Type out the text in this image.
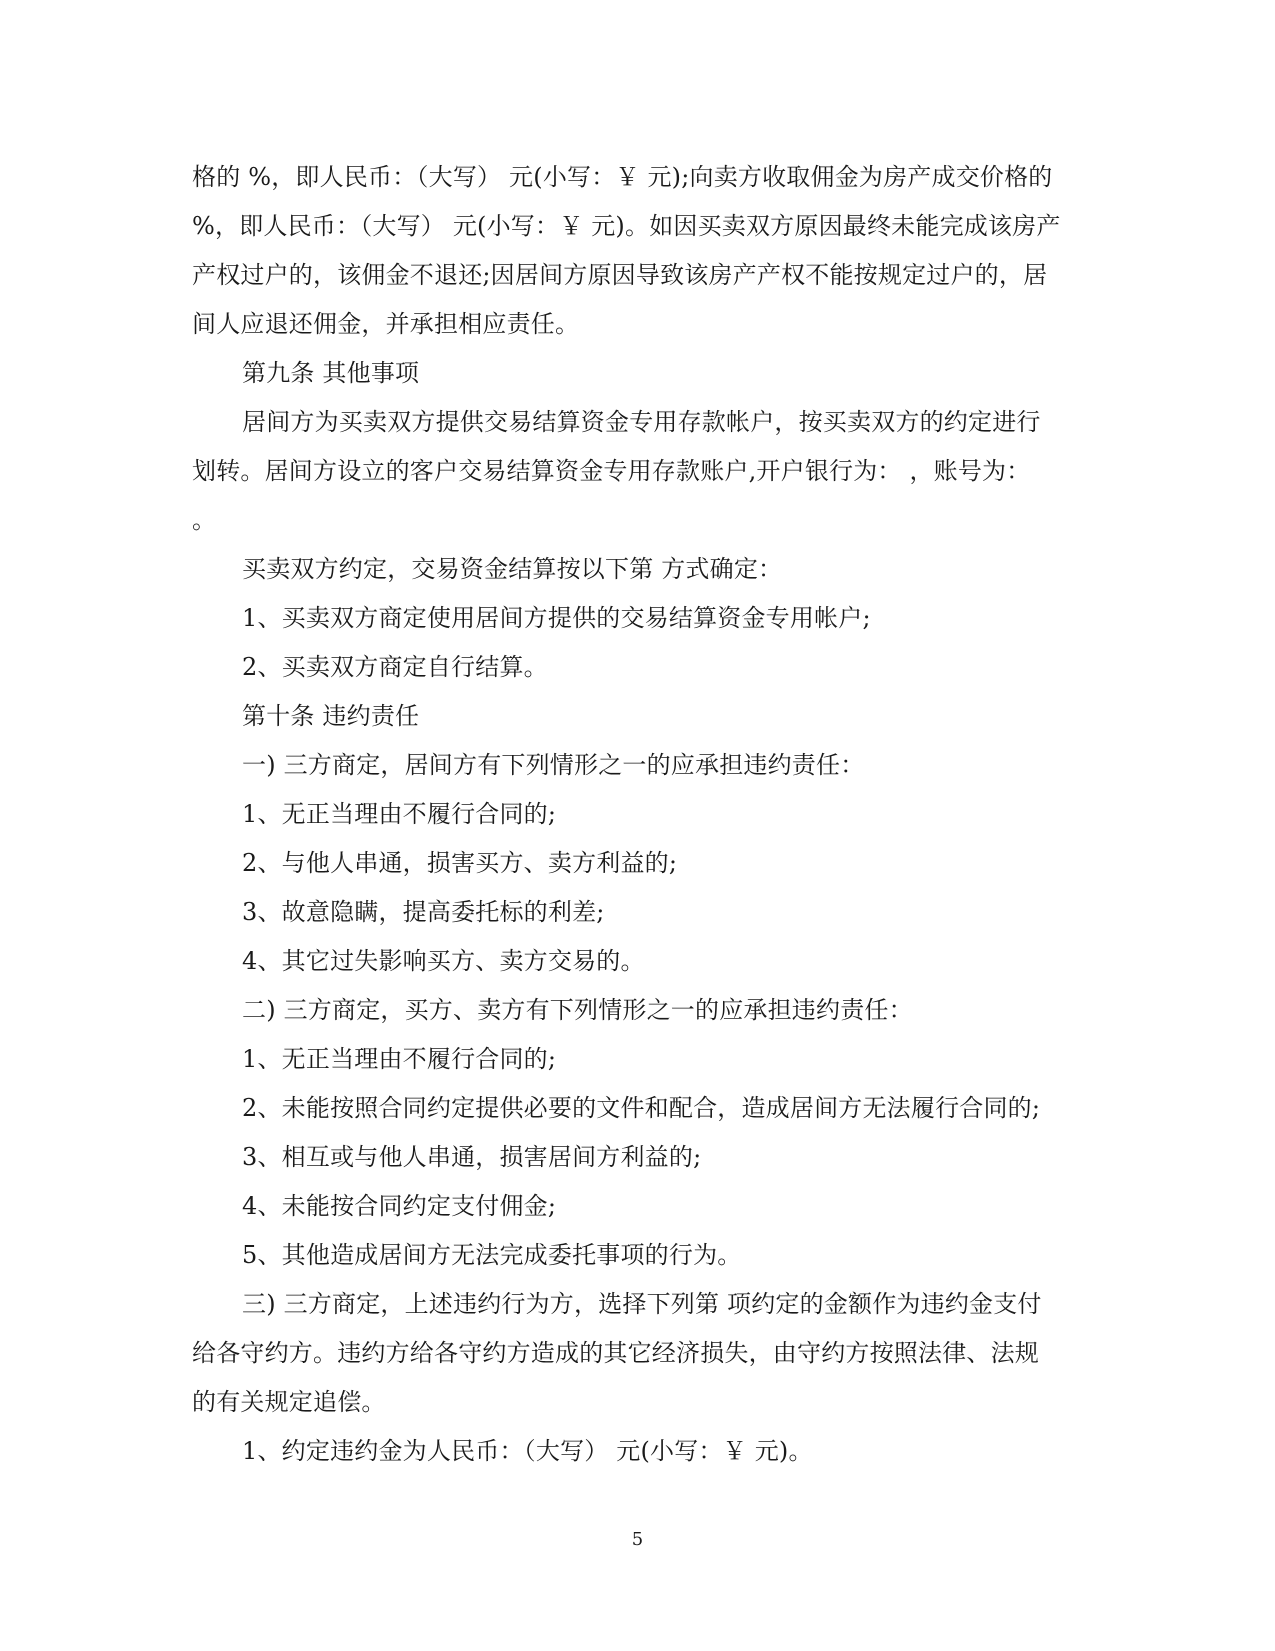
格的 %，即人民币：（大写） 元(小写：￥ 元);向卖方收取佣金为房产成交价格的
%，即人民币：（大写） 元(小写：￥ 元)。如因买卖双方原因最终未能完成该房产
产权过户的，该佣金不退还;因居间方原因导致该房产产权不能按规定过户的，居
间人应退还佣金，并承担相应责任。
第九条 其他事项
居间方为买卖双方提供交易结算资金专用存款帐户，按买卖双方的约定进行
划转。居间方设立的客户交易结算资金专用存款账户,开户银行为： ，账号为：
。
买卖双方约定，交易资金结算按以下第 方式确定：
1、买卖双方商定使用居间方提供的交易结算资金专用帐户;
2、买卖双方商定自行结算。
第十条 违约责任
一) 三方商定，居间方有下列情形之一的应承担违约责任：
1、无正当理由不履行合同的;
2、与他人串通，损害买方、卖方利益的;
3、故意隐瞒，提高委托标的利差;
4、其它过失影响买方、卖方交易的。
二) 三方商定，买方、卖方有下列情形之一的应承担违约责任：
1、无正当理由不履行合同的;
2、未能按照合同约定提供必要的文件和配合，造成居间方无法履行合同的;
3、相互或与他人串通，损害居间方利益的;
4、未能按合同约定支付佣金;
5、其他造成居间方无法完成委托事项的行为。
三) 三方商定，上述违约行为方，选择下列第 项约定的金额作为违约金支付
给各守约方。违约方给各守约方造成的其它经济损失，由守约方按照法律、法规
的有关规定追偿。
1、约定违约金为人民币：（大写） 元(小写：￥ 元)。
5
